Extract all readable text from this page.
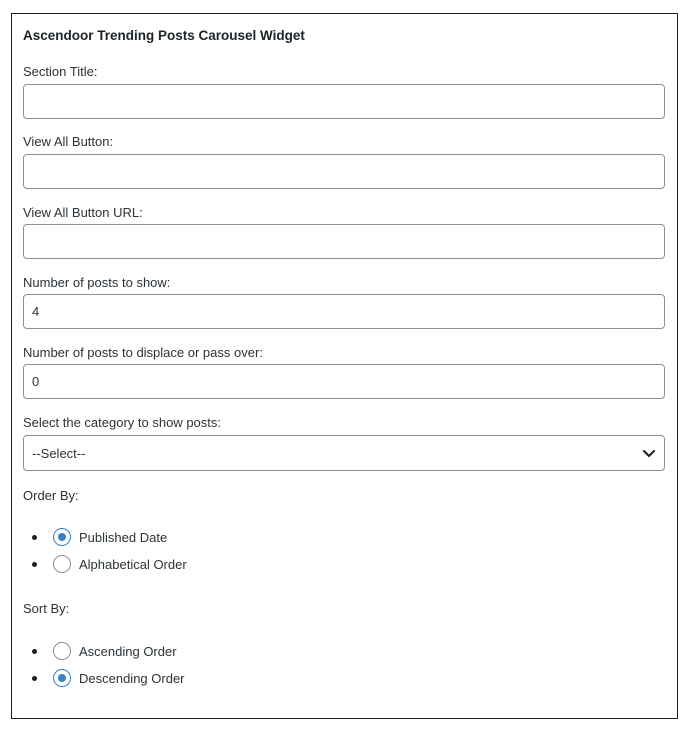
Ascendoor Trending Posts Carousel Widget
Section Title:
View All Button:
View All Button URL:
Number of posts to show:
4
Number of posts to displace or pass over:
0
Select the category to show posts:
--Select--
Order By:
Published Date
Alphabetical Order
Sort By:
Ascending Order
Descending Order
